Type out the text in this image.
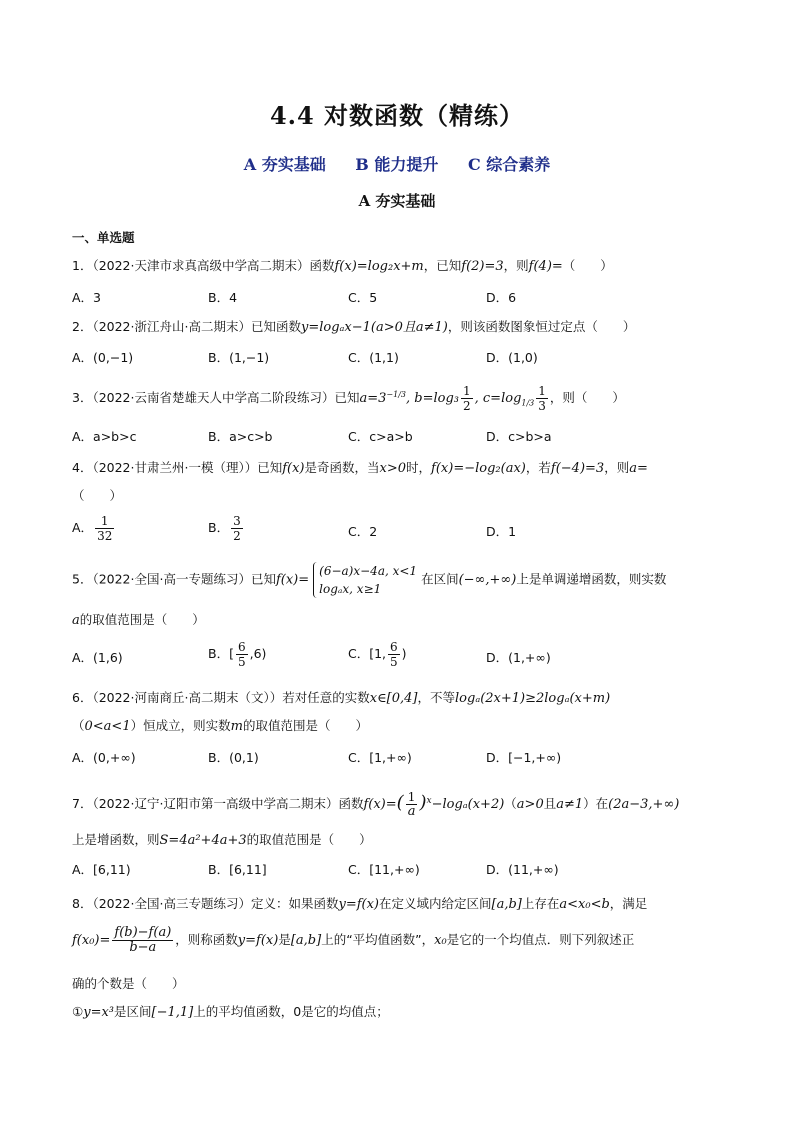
4.4 对数函数（精练）
A 夯实基础 B 能力提升 C 综合素养
A 夯实基础
一、单选题
1．（2022·天津市求真高级中学高二期末）函数f(x)=log₂x+m，已知f(2)=3，则f(4)=（　　）
A．3	B．4	C．5	D．6
2．（2022·浙江舟山·高二期末）已知函数y=logₐx−1(a>0且a≠1)，则该函数图象恒过定点（　　）
A．(0,−1)	B．(1,−1)	C．(1,1)	D．(1,0)
3．（2022·云南省楚雄天人中学高二阶段练习）已知$a=3^{-1/3}$, $b=\log_3 \frac{1}{2}$ , $c=\log_{1/3} \frac{1}{3}$ ，则（　　）
A．a>b>c	B．a>c>b	C．c>a>b	D．c>b>a
4．（2022·甘肃兰州·一模（理））已知f(x)是奇函数，当x>0时，f(x)=−log₂(ax)，若f(−4)=3，则a=
（　　）
A． $\frac{1}{32}$	B． $\frac{3}{2}$	C．2	D．1
5．（2022·全国·高一专题练习）已知f(x)=
(6−a)x−4a, x<1
logₐx, x≥1
在区间(−∞,+∞)上是单调递增函数，则实数
a的取值范围是（　　）
A．(1,6)	B．[ $\frac{6}{5} ,6$)	C．[1, $\frac{6}{5}$ )	D．(1,+∞)
6．（2022·河南商丘·高二期末（文））若对任意的实数x∈[0,4]，不等logₐ(2x+1)≥2logₐ(x+m)
（0<a<1）恒成立，则实数m的取值范围是（　　）
A．(0,+∞)	B．(0,1)	C．[1,+∞)	D．[−1,+∞)
7．（2022·辽宁·辽阳市第一高级中学高二期末）函数$f(x)=( \frac{1}{a} )^x-\log_a(x+2)(a>0$且a≠1）在(2a−3,+∞)
上是增函数，则S=4a²+4a+3的取值范围是（　　）
A．[6,11)	B．[6,11]	C．[11,+∞)	D．(11,+∞)
8．（2022·全国·高三专题练习）定义：如果函数y=f(x)在定义域内给定区间[a,b]上存在a<x₀<b，满足
$f(x_0)= \frac{f(b)-f(a)}{b-a}$ ，则称函数y=f(x)是[a,b]上的“平均值函数”，x₀是它的一个均值点．则下列叙述正
确的个数是（　　）
①y=x³是区间[−1,1]上的平均值函数，0是它的均值点；
